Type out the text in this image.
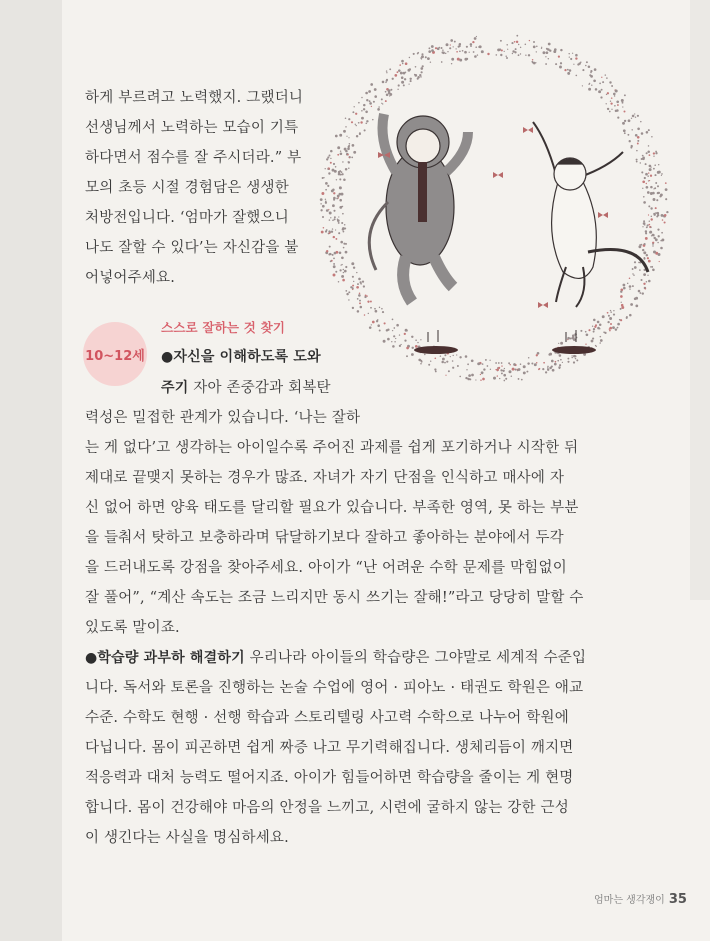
하게 부르려고 노력했지. 그랬더니
선생님께서 노력하는 모습이 기특
하다면서 점수를 잘 주시더라.” 부
모의 초등 시절 경험담은 생생한
처방전입니다. ‘엄마가 잘했으니
나도 잘할 수 있다’는 자신감을 불
어넣어주세요.
10~12세
스스로 잘하는 것 찾기
●자신을 이해하도록 도와
주기 자아 존중감과 회복탄
력성은 밀접한 관계가 있습니다. ‘나는 잘하
는 게 없다’고 생각하는 아이일수록 주어진 과제를 쉽게 포기하거나 시작한 뒤
제대로 끝맺지 못하는 경우가 많죠. 자녀가 자기 단점을 인식하고 매사에 자
신 없어 하면 양육 태도를 달리할 필요가 있습니다. 부족한 영역, 못 하는 부분
을 들춰서 탓하고 보충하라며 닦달하기보다 잘하고 좋아하는 분야에서 두각
을 드러내도록 강점을 찾아주세요. 아이가 “난 어려운 수학 문제를 막힘없이
잘 풀어”, “계산 속도는 조금 느리지만 동시 쓰기는 잘해!”라고 당당히 말할 수
있도록 말이죠.
●학습량 과부하 해결하기 우리나라 아이들의 학습량은 그야말로 세계적 수준입
니다. 독서와 토론을 진행하는 논술 수업에 영어 · 피아노 · 태권도 학원은 애교
수준. 수학도 현행 · 선행 학습과 스토리텔링 사고력 수학으로 나누어 학원에
다닙니다. 몸이 피곤하면 쉽게 짜증 나고 무기력해집니다. 생체리듬이 깨지면
적응력과 대처 능력도 떨어지죠. 아이가 힘들어하면 학습량을 줄이는 게 현명
합니다. 몸이 건강해야 마음의 안정을 느끼고, 시련에 굴하지 않는 강한 근성
이 생긴다는 사실을 명심하세요.
엄마는 생각쟁이 35
